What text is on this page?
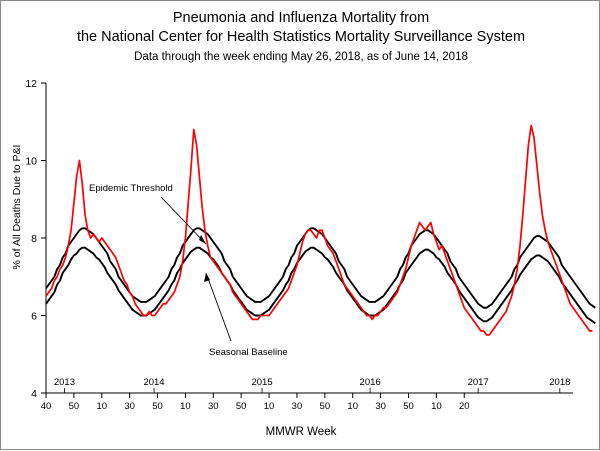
Pneumonia and Influenza Mortality from
the National Center for Health Statistics Mortality Surveillance System
Data through the week ending May 26, 2018, as of June 14, 2018
% of All Deaths Due to P&I
MMWR Week
4
6
8
10
12
40 50 10 30 50 10 30 50 10 30 50 10 30 50 10 20
2013	2014	2015	2016	2017	2018
Epidemic Threshold
Seasonal Baseline
